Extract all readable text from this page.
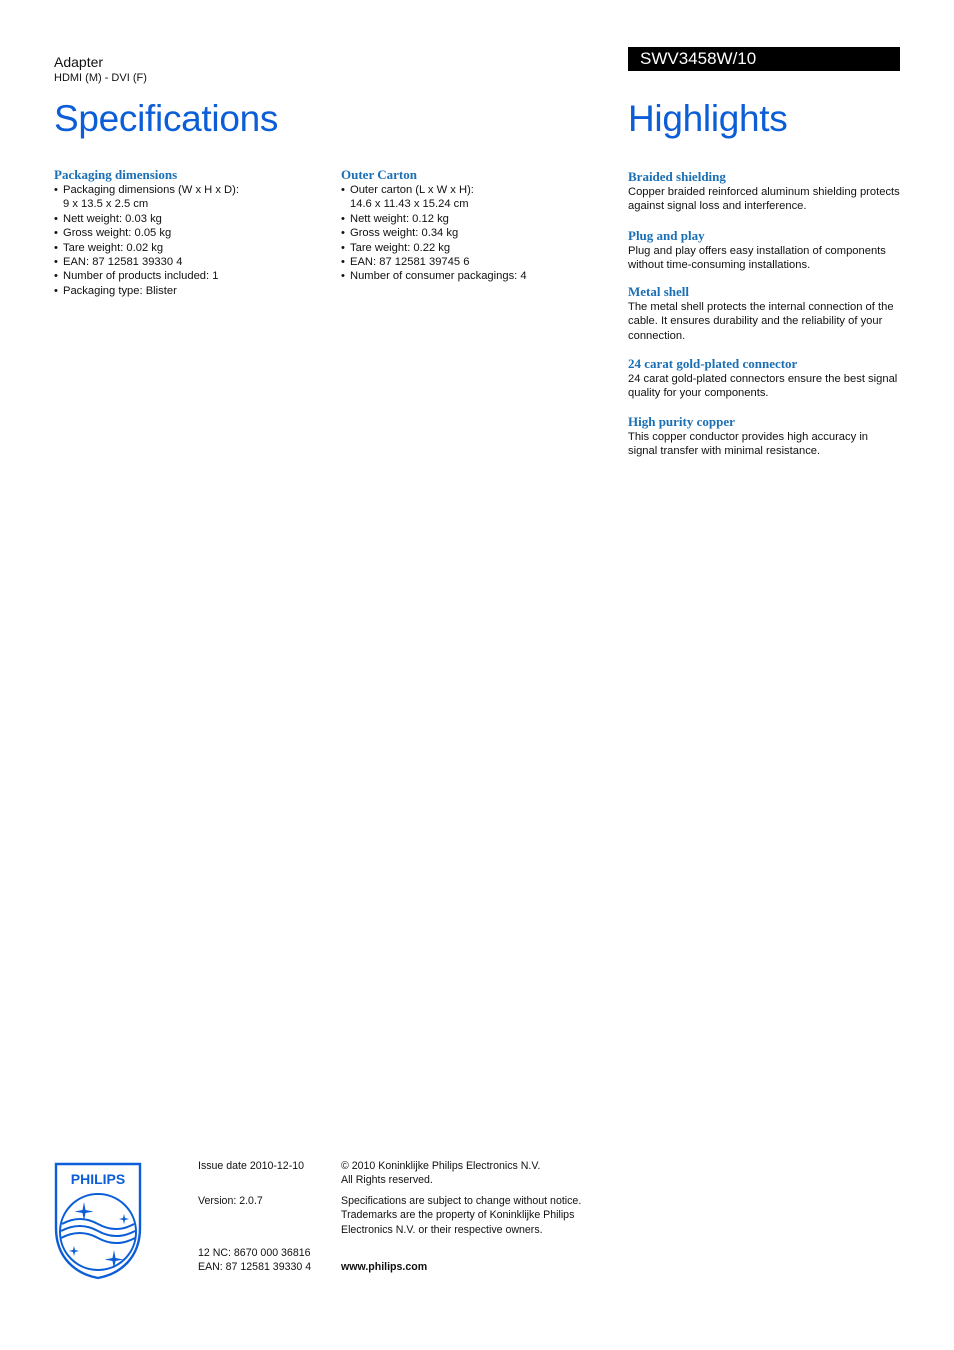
Adapter
HDMI (M) - DVI (F)
Specifications
SWV3458W/10
Highlights
Packaging dimensions
• Packaging dimensions (W x H x D):
9 x 13.5 x 2.5 cm
• Nett weight: 0.03 kg
• Gross weight: 0.05 kg
• Tare weight: 0.02 kg
• EAN: 87 12581 39330 4
• Number of products included: 1
• Packaging type: Blister
Outer Carton
• Outer carton (L x W x H):
14.6 x 11.43 x 15.24 cm
• Nett weight: 0.12 kg
• Gross weight: 0.34 kg
• Tare weight: 0.22 kg
• EAN: 87 12581 39745 6
• Number of consumer packagings: 4
Braided shielding

Copper braided reinforced aluminum shielding protects against signal loss and interference.

Plug and play

Plug and play offers easy installation of components without time-consuming installations.

Metal shell

The metal shell protects the internal connection of the cable. It ensures durability and the reliability of your connection.

24 carat gold-plated connector

24 carat gold-plated connectors ensure the best signal quality for your components.

High purity copper

This copper conductor provides high accuracy in signal transfer with minimal resistance.

PHILIPS
Issue date 2010-12-10
Version: 2.0.7

12 NC: 8670 000 36816

EAN: 87 12581 39330 4

© 2010 Koninklijke Philips Electronics N.V.

All Rights reserved.

Specifications are subject to change without notice.

Trademarks are the property of Koninklijke Philips

Electronics N.V. or their respective owners.

www.philips.com
